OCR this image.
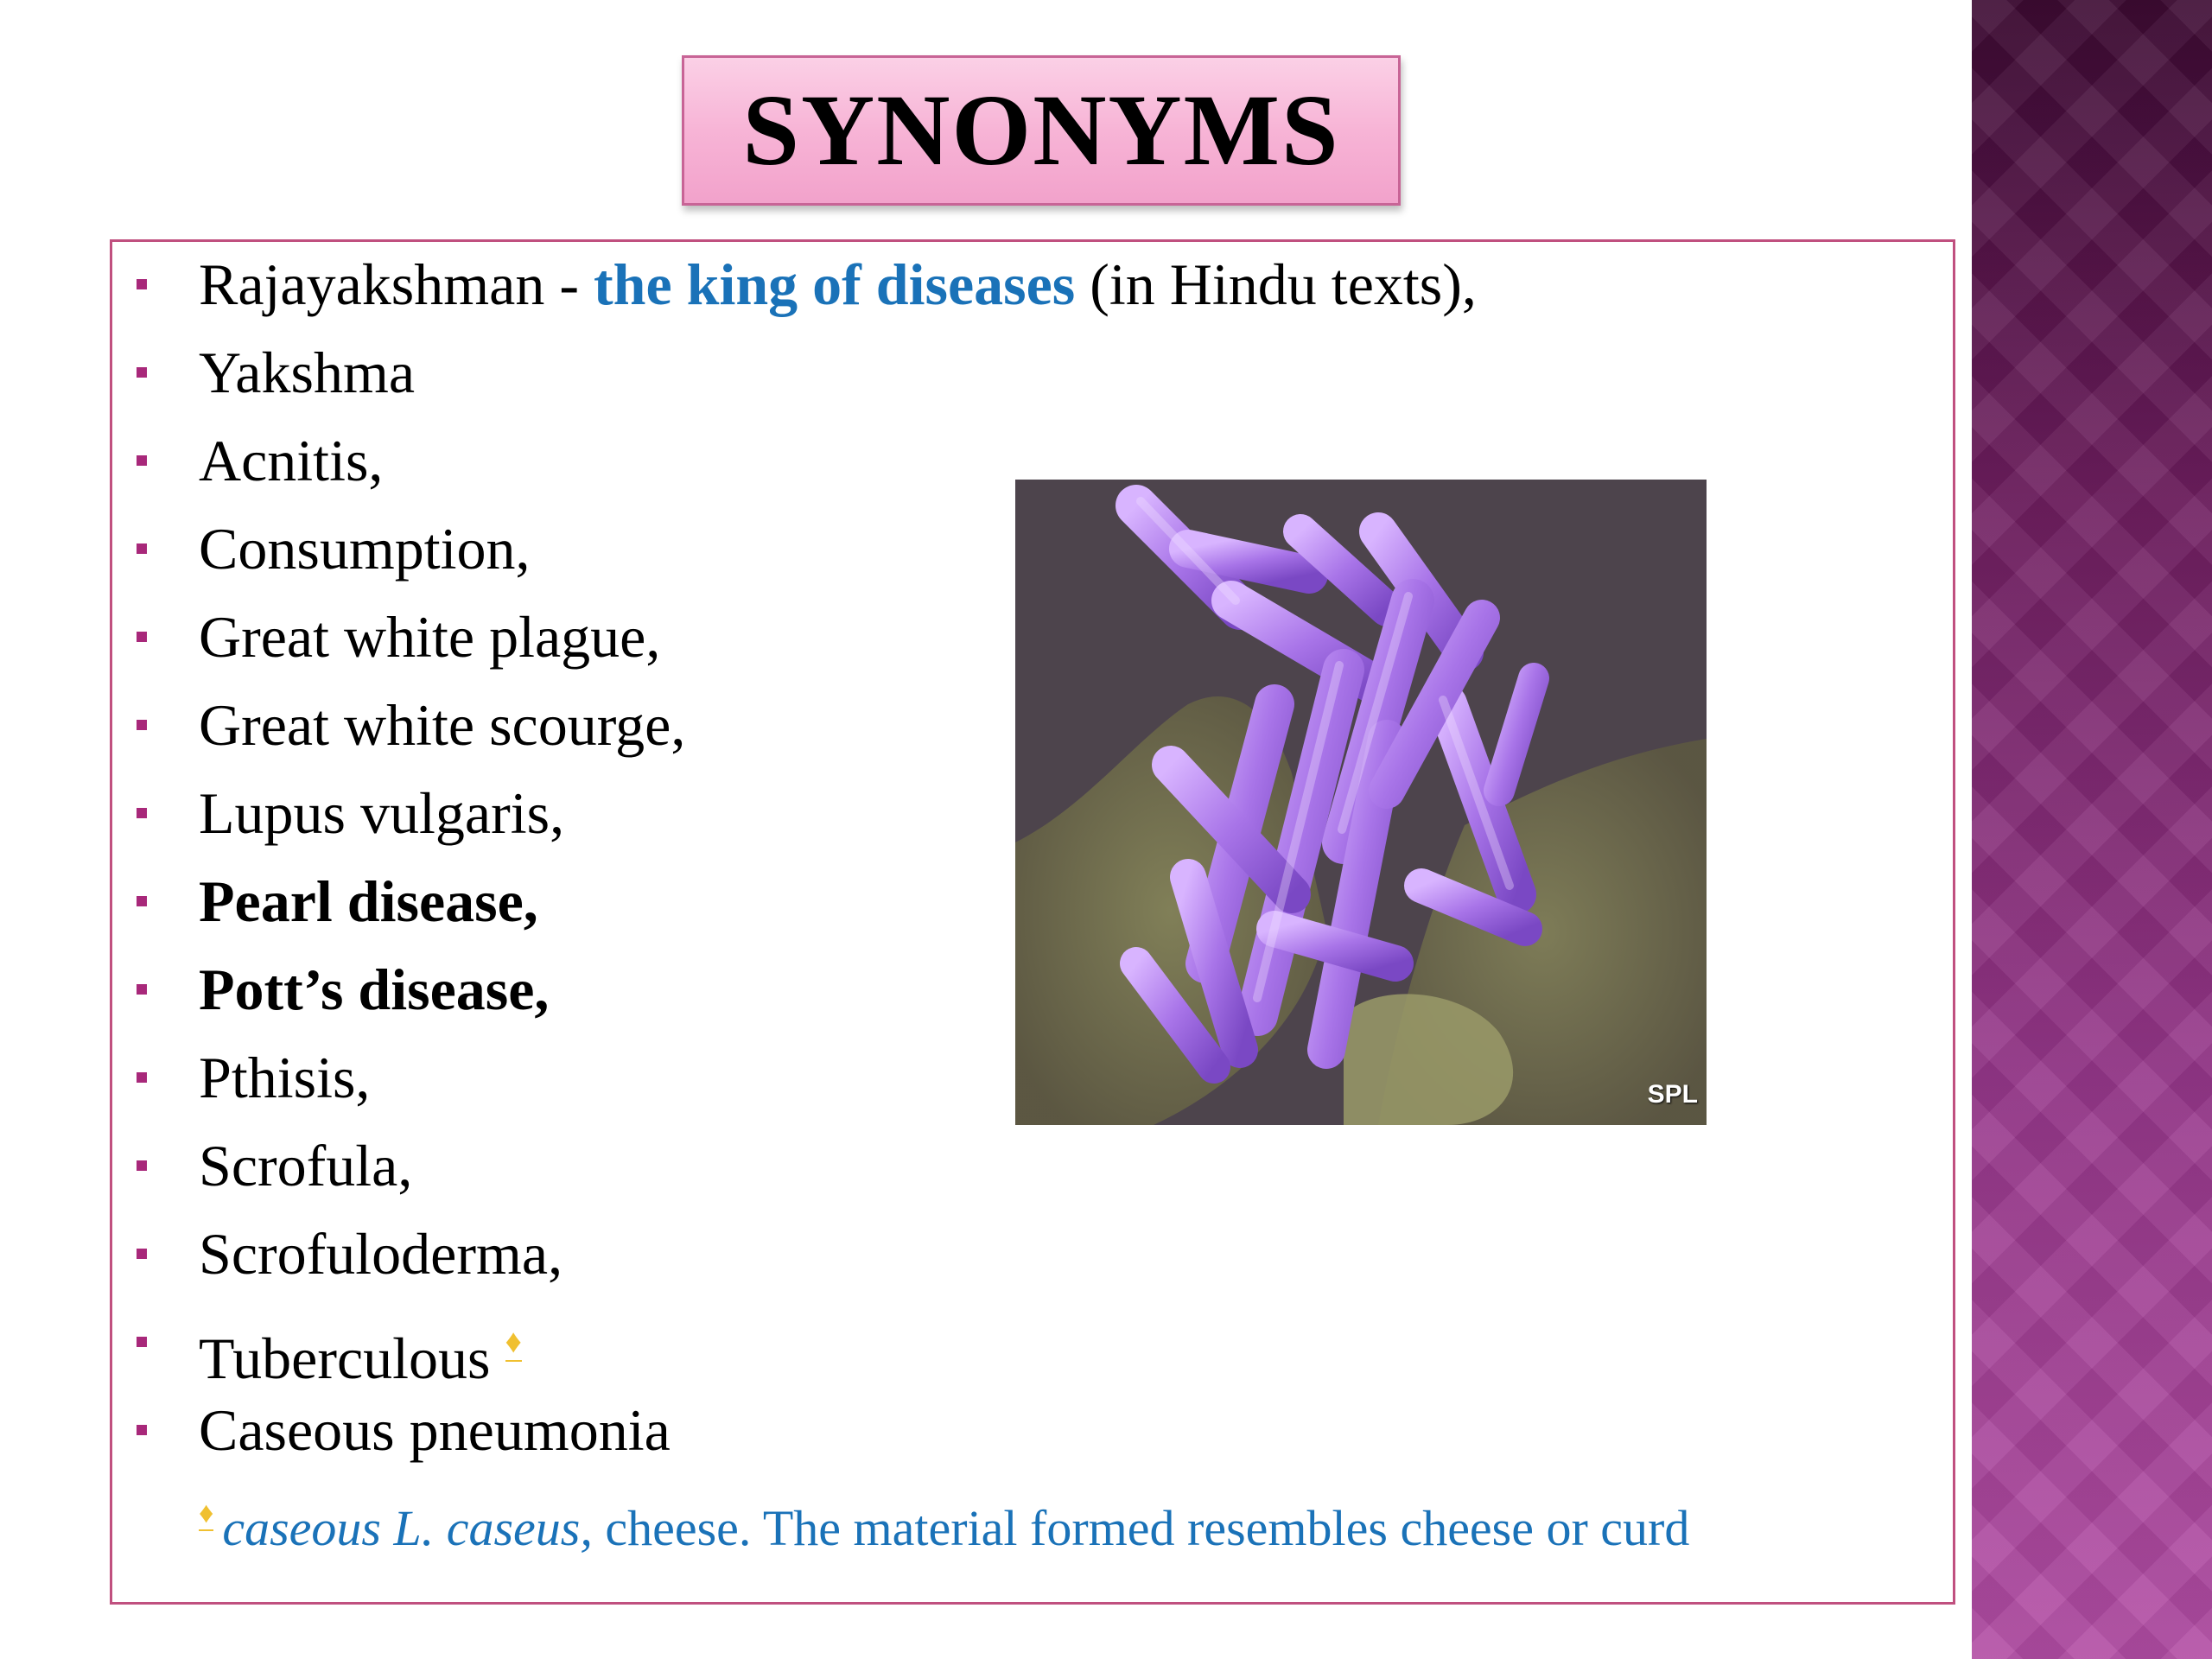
SYNONYMS
Rajayakshman - the king of diseases (in Hindu texts),
Yakshma
Acnitis,
Consumption,
Great white plague,
Great white scourge,
Lupus vulgaris,
Pearl disease,
Pott’s disease,
Pthisis,
Scrofula,
Scrofuloderma,
Tuberculous ♦
Caseous pneumonia
♦ caseous L. caseus, cheese. The material formed resembles cheese or curd
SPL
